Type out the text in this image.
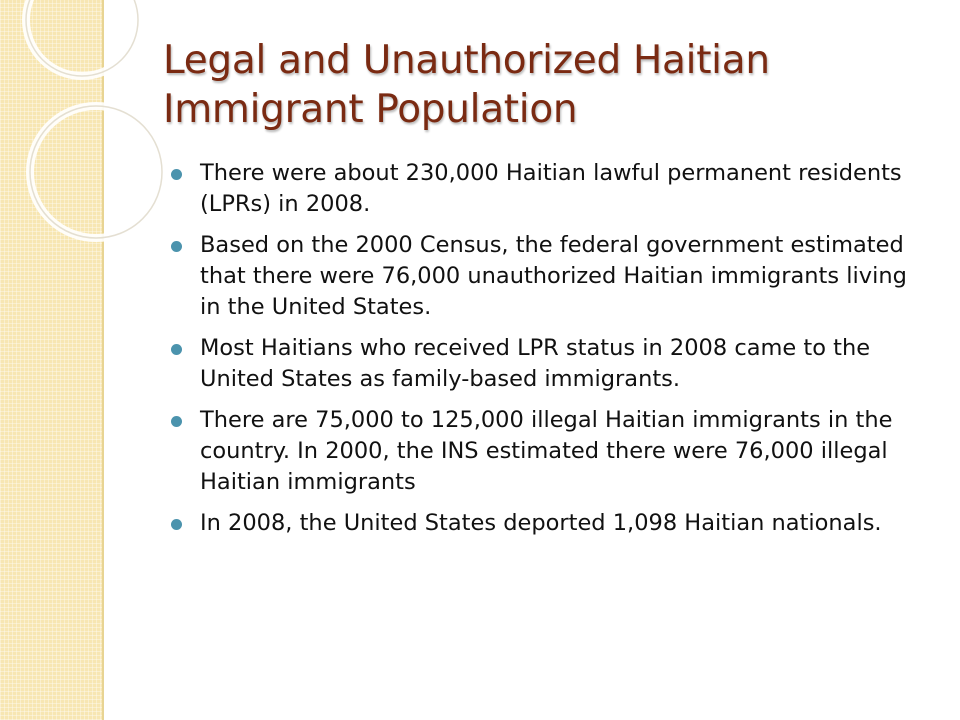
Legal and Unauthorized Haitian Immigrant Population
There were about 230,000 Haitian lawful permanent residents (LPRs) in 2008.
Based on the 2000 Census, the federal government estimated that there were 76,000 unauthorized Haitian immigrants living in the United States.
Most Haitians who received LPR status in 2008 came to the United States as family-based immigrants.
There are 75,000 to 125,000 illegal Haitian immigrants in the country. In 2000, the INS estimated there were 76,000 illegal Haitian immigrants
In 2008, the United States deported 1,098 Haitian nationals.
